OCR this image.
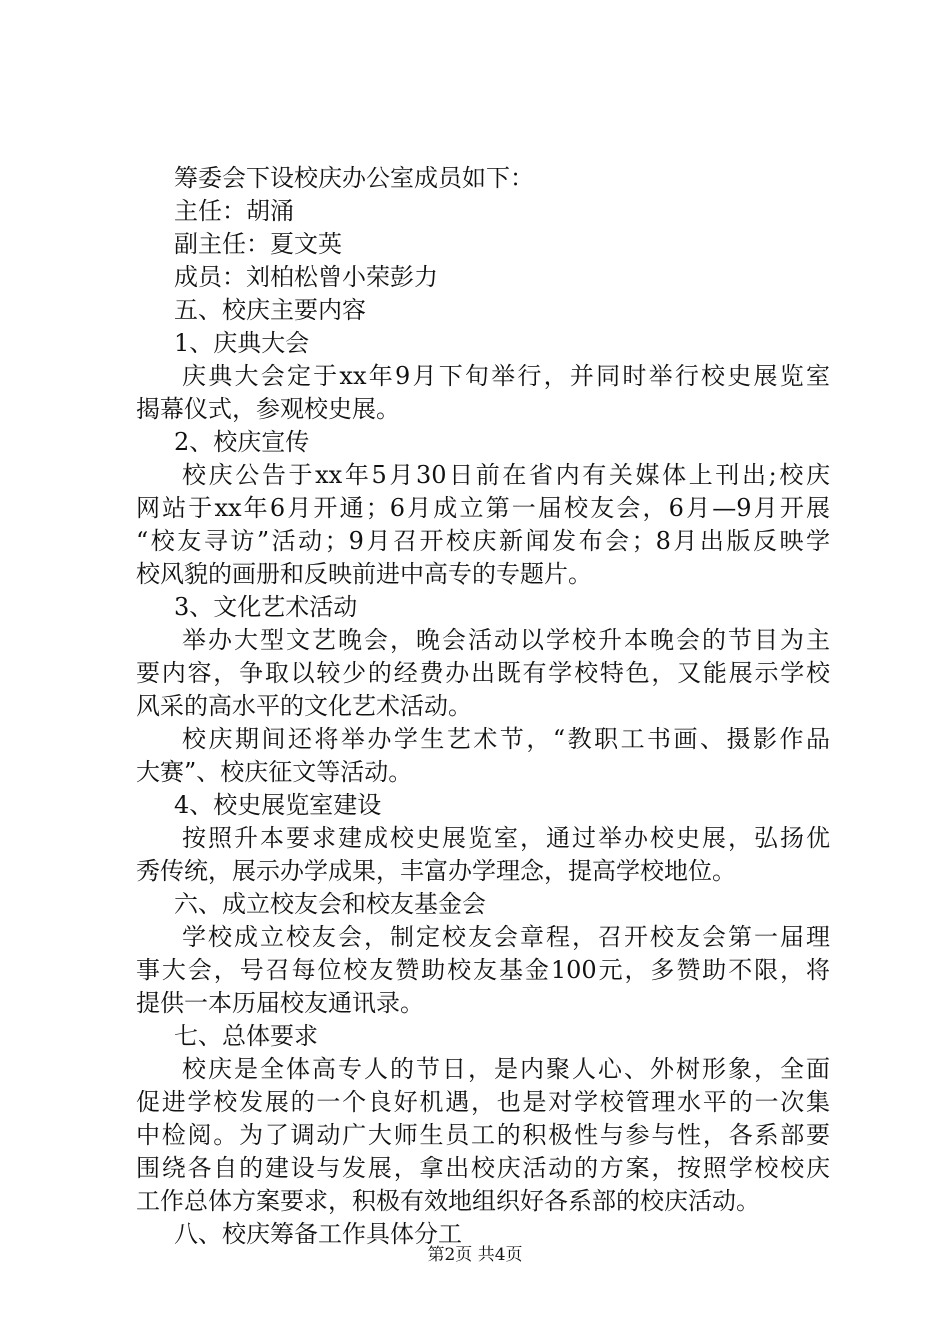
筹委会下设校庆办公室成员如下：
主任：胡涌
副主任：夏文英
成员：刘柏松曾小荣彭力
五、校庆主要内容
1、庆典大会
庆典大会定于xx年9月下旬举行，并同时举行校史展览室
揭幕仪式，参观校史展。
2、校庆宣传
校庆公告于xx年5月30日前在省内有关媒体上刊出;校庆
网站于xx年6月开通；6月成立第一届校友会，6月—9月开展
“校友寻访”活动；9月召开校庆新闻发布会；8月出版反映学
校风貌的画册和反映前进中高专的专题片。
3、文化艺术活动
举办大型文艺晚会，晚会活动以学校升本晚会的节目为主
要内容，争取以较少的经费办出既有学校特色，又能展示学校
风采的高水平的文化艺术活动。
校庆期间还将举办学生艺术节，“教职工书画、摄影作品
大赛”、校庆征文等活动。
4、校史展览室建设
按照升本要求建成校史展览室，通过举办校史展，弘扬优
秀传统，展示办学成果，丰富办学理念，提高学校地位。
六、成立校友会和校友基金会
学校成立校友会，制定校友会章程，召开校友会第一届理
事大会，号召每位校友赞助校友基金100元，多赞助不限，将
提供一本历届校友通讯录。
七、总体要求
校庆是全体高专人的节日，是内聚人心、外树形象，全面
促进学校发展的一个良好机遇，也是对学校管理水平的一次集
中检阅。为了调动广大师生员工的积极性与参与性，各系部要
围绕各自的建设与发展，拿出校庆活动的方案，按照学校校庆
工作总体方案要求，积极有效地组织好各系部的校庆活动。
八、校庆筹备工作具体分工
第2页 共4页
